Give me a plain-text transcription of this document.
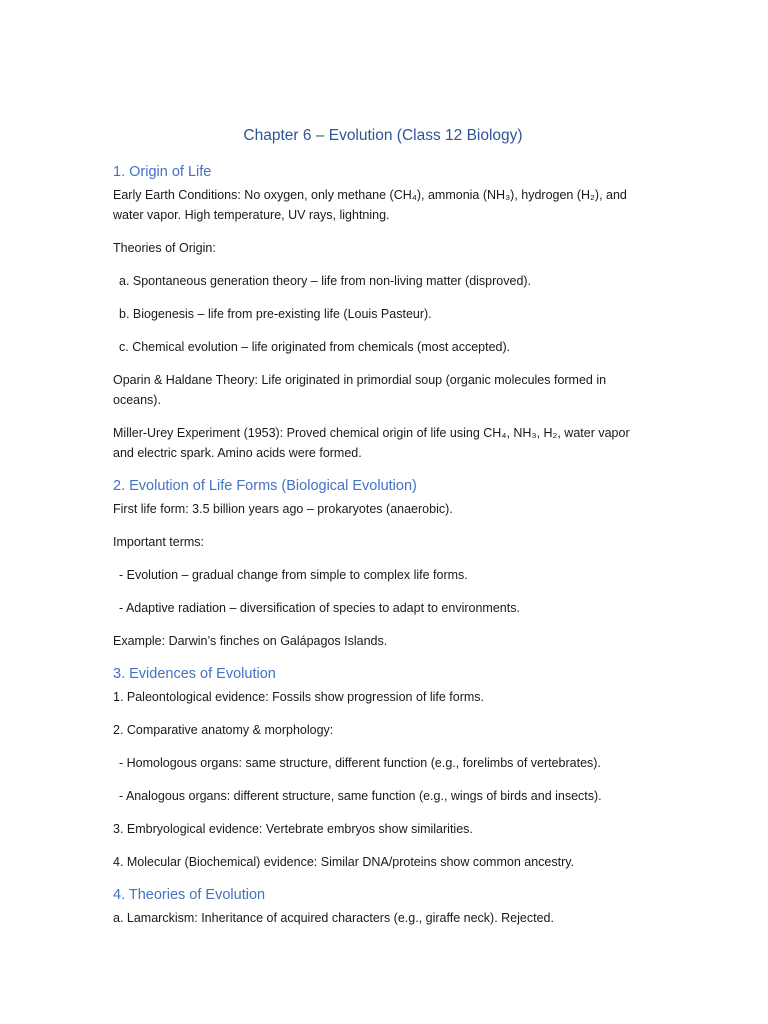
Chapter 6 – Evolution (Class 12 Biology)
1. Origin of Life

Early Earth Conditions: No oxygen, only methane (CH₄), ammonia (NH₃), hydrogen (H₂), and water vapor. High temperature, UV rays, lightning.

Theories of Origin:

a. Spontaneous generation theory – life from non-living matter (disproved).

b. Biogenesis – life from pre-existing life (Louis Pasteur).

c. Chemical evolution – life originated from chemicals (most accepted).

Oparin & Haldane Theory: Life originated in primordial soup (organic molecules formed in oceans).

Miller-Urey Experiment (1953): Proved chemical origin of life using CH₄, NH₃, H₂, water vapor and electric spark. Amino acids were formed.

2. Evolution of Life Forms (Biological Evolution)

First life form: 3.5 billion years ago – prokaryotes (anaerobic).

Important terms:

- Evolution – gradual change from simple to complex life forms.

- Adaptive radiation – diversification of species to adapt to environments.

Example: Darwin’s finches on Galápagos Islands.

3. Evidences of Evolution

1. Paleontological evidence: Fossils show progression of life forms.

2. Comparative anatomy & morphology:

- Homologous organs: same structure, different function (e.g., forelimbs of vertebrates).

- Analogous organs: different structure, same function (e.g., wings of birds and insects).

3. Embryological evidence: Vertebrate embryos show similarities.

4. Molecular (Biochemical) evidence: Similar DNA/proteins show common ancestry.

4. Theories of Evolution

a. Lamarckism: Inheritance of acquired characters (e.g., giraffe neck). Rejected.
